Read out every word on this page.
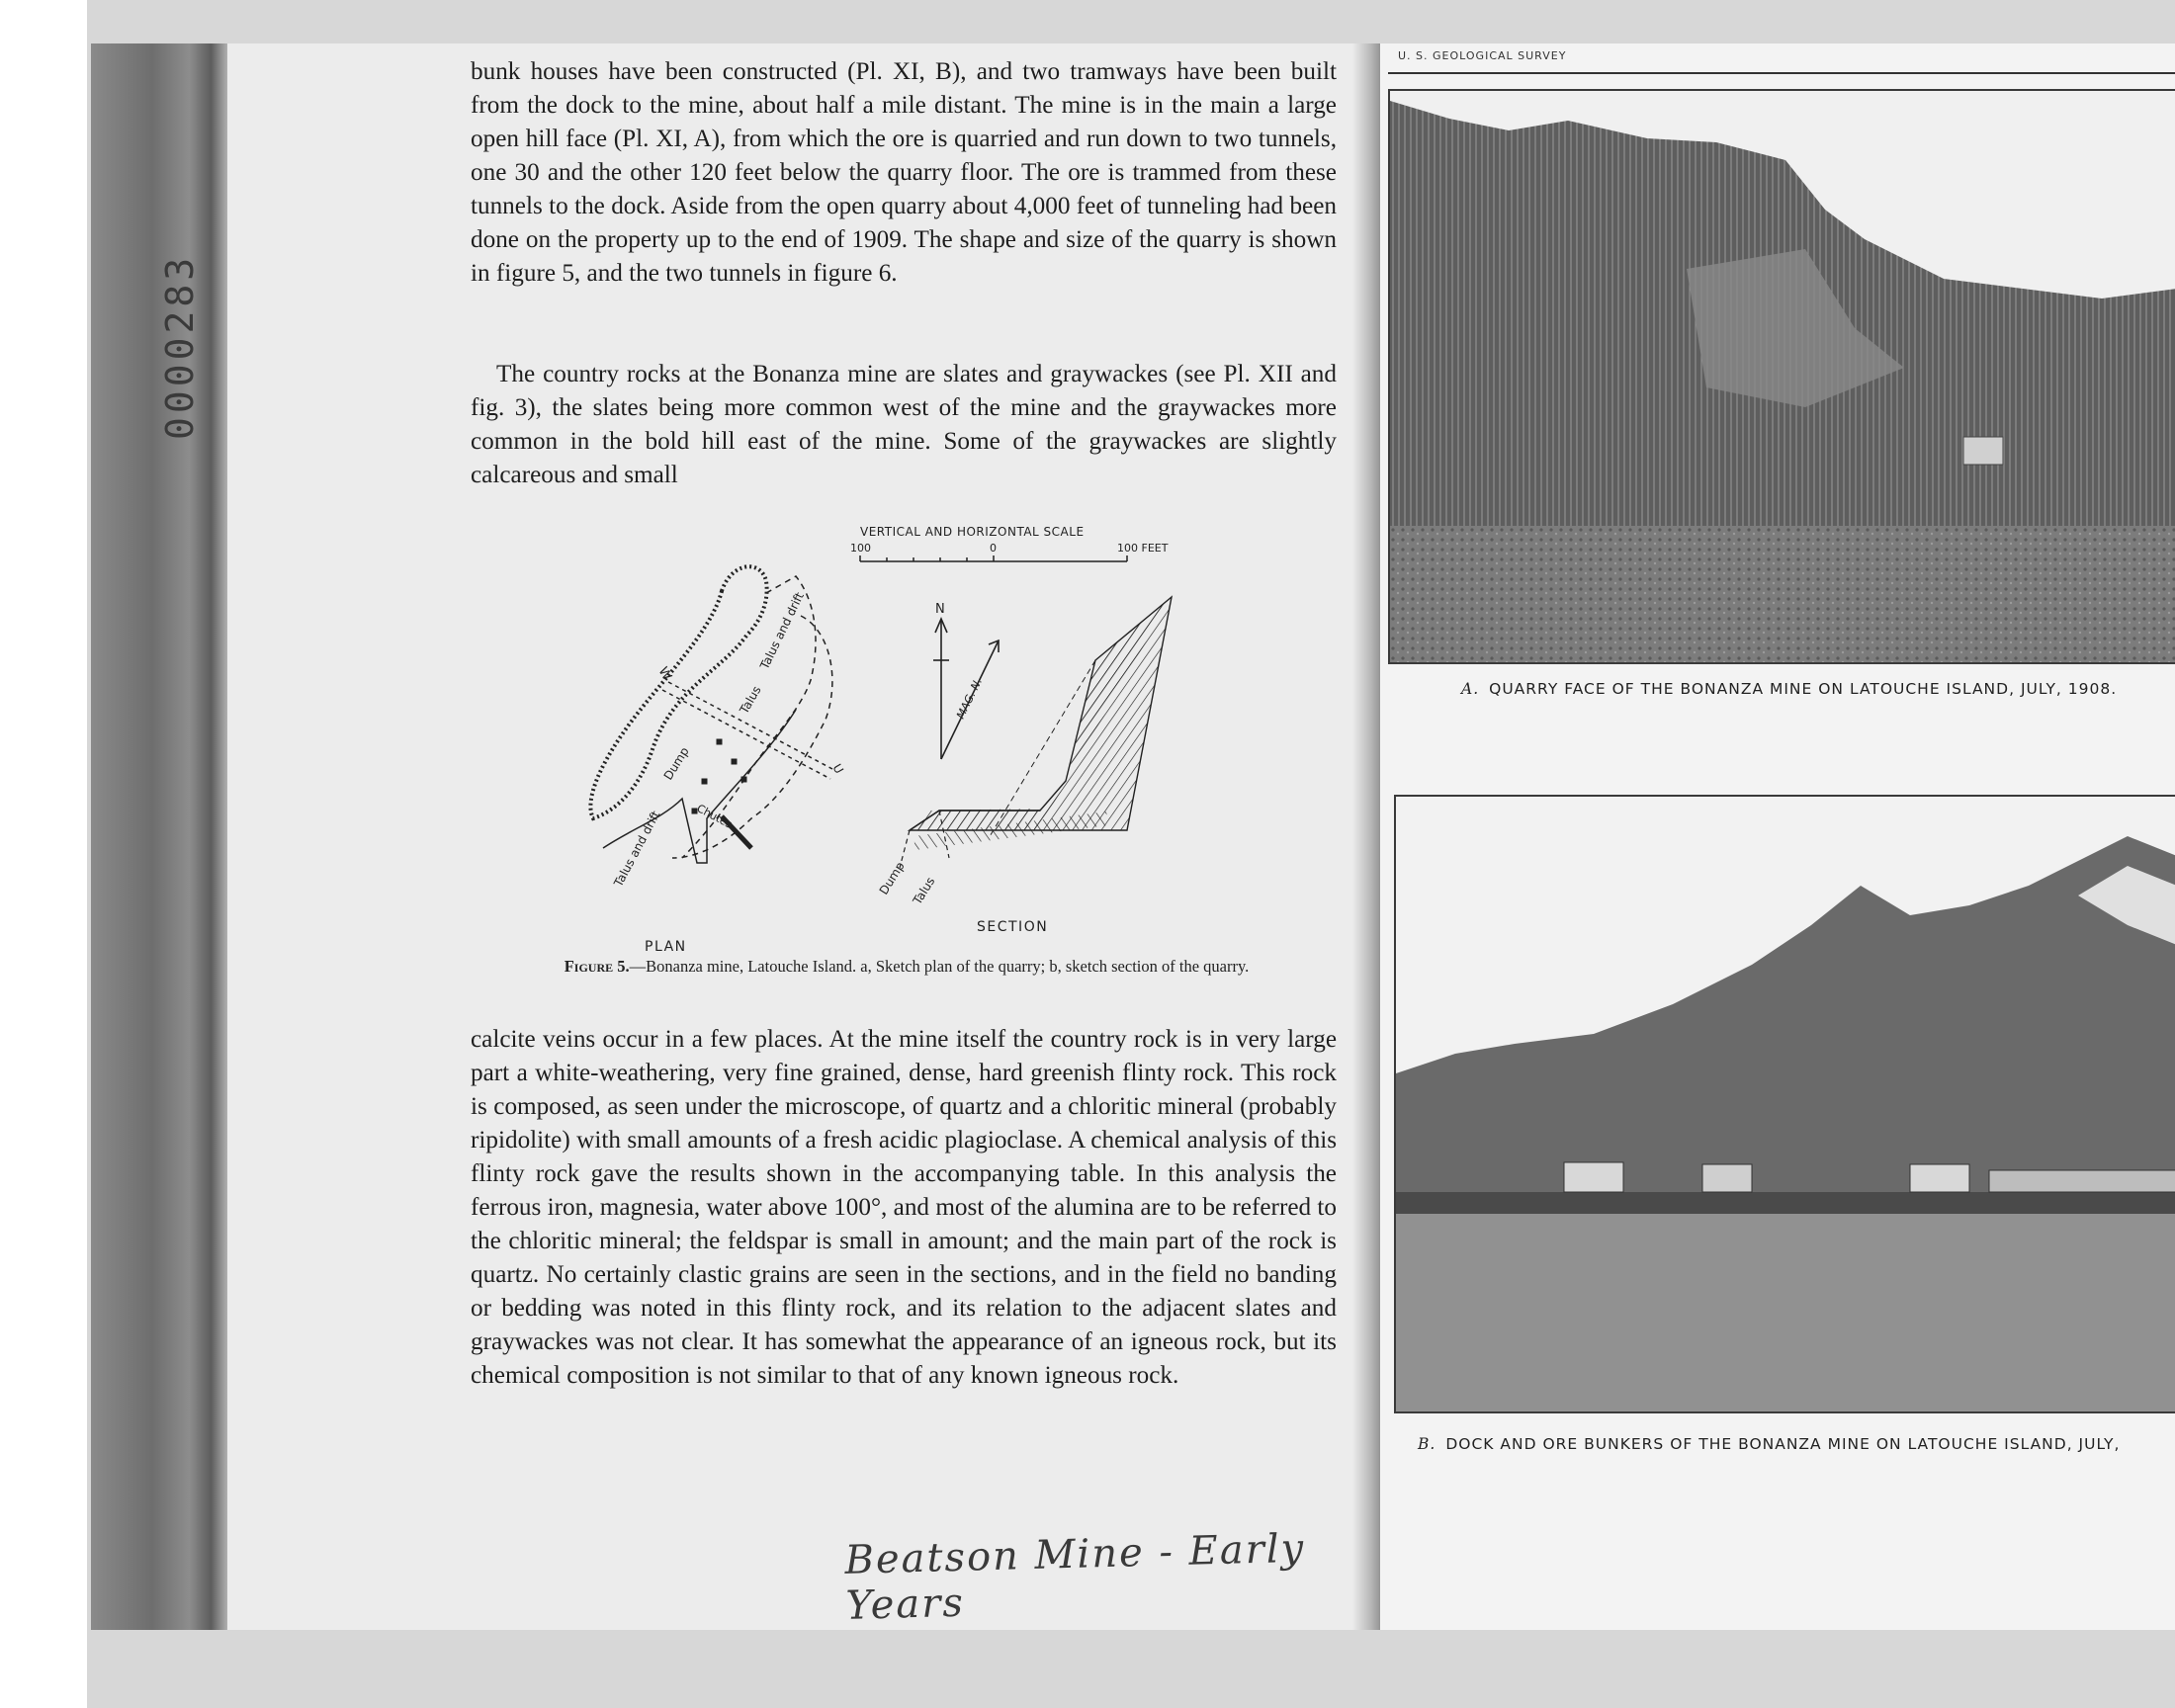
0000283

bunk houses have been constructed (Pl. XI, B), and two tramways have been built from the dock to the mine, about half a mile distant. The mine is in the main a large open hill face (Pl. XI, A), from which the ore is quarried and run down to two tunnels, one 30 and the other 120 feet below the quarry floor. The ore is trammed from these tunnels to the dock. Aside from the open quarry about 4,000 feet of tunneling had been done on the property up to the end of 1909. The shape and size of the quarry is shown in figure 5, and the two tunnels in figure 6.

The country rocks at the Bonanza mine are slates and graywackes (see Pl. XII and fig. 3), the slates being more common west of the mine and the graywackes more common in the bold hill east of the mine. Some of the graywackes are slightly calcareous and small

VERTICAL AND HORIZONTAL SCALE
100	0	100 FEET
N
MAG. N.
Talus and drift
Talus
Dump
Chutes
Talus and drift
W
U
PLAN
Dump Talus
SECTION

Figure 5.—Bonanza mine, Latouche Island. a, Sketch plan of the quarry; b, sketch section of the quarry.

calcite veins occur in a few places. At the mine itself the country rock is in very large part a white-weathering, very fine grained, dense, hard greenish flinty rock. This rock is composed, as seen under the microscope, of quartz and a chloritic mineral (probably ripidolite) with small amounts of a fresh acidic plagioclase. A chemical analysis of this flinty rock gave the results shown in the accompanying table. In this analysis the ferrous iron, magnesia, water above 100°, and most of the alumina are to be referred to the chloritic mineral; the feldspar is small in amount; and the main part of the rock is quartz. No certainly clastic grains are seen in the sections, and in the field no banding or bedding was noted in this flinty rock, and its relation to the adjacent slates and graywackes was not clear. It has somewhat the appearance of an igneous rock, but its chemical composition is not similar to that of any known igneous rock.

Beatson Mine - Early Years
U. S. GEOLOGICAL SURVEY
A. QUARRY FACE OF THE BONANZA MINE ON LATOUCHE ISLAND, JULY, 1908.
B. DOCK AND ORE BUNKERS OF THE BONANZA MINE ON LATOUCHE ISLAND, JULY,
